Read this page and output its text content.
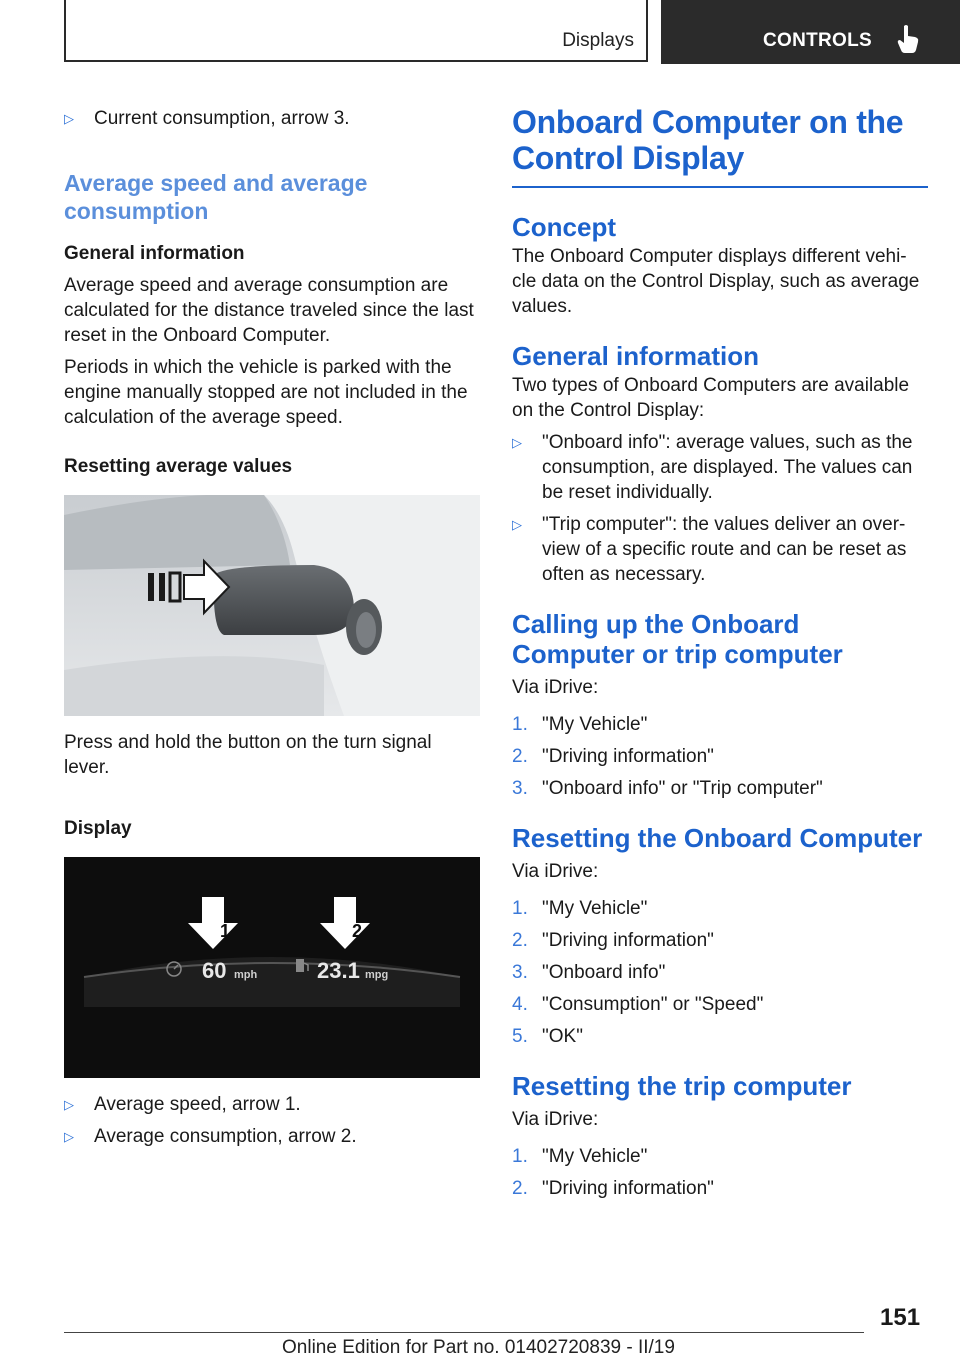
Displays	CONTROLS
▷ Current consumption, arrow 3.
Average speed and average consumption
General information

Average speed and average consumption are calculated for the distance traveled since the last reset in the Onboard Computer.

Periods in which the vehicle is parked with the engine manually stopped are not included in the calculation of the average speed.

Resetting average values

Press and hold the button on the turn signal lever.

Display
1	2
60 mph	23.1 mpg
▷ Average speed, arrow 1.
▷ Average consumption, arrow 2.
Onboard Computer on the Control Display
Concept

The Onboard Computer displays different vehi‐cle data on the Control Display, such as average values.

General information

Two types of Onboard Computers are available on the Control Display:

▷ "Onboard info": average values, such as the consumption, are displayed. The values can be reset individually.
▷ "Trip computer": the values deliver an over‐view of a specific route and can be reset as often as necessary.
Calling up the Onboard Computer or trip computer

Via iDrive:

1. "My Vehicle"
2. "Driving information"
3. "Onboard info" or "Trip computer"
Resetting the Onboard Computer

Via iDrive:

1. "My Vehicle"
2. "Driving information"
3. "Onboard info"
4. "Consumption" or "Speed"
5. "OK"
Resetting the trip computer

Via iDrive:

1. "My Vehicle"
2. "Driving information"
151
Online Edition for Part no. 01402720839 - II/19
